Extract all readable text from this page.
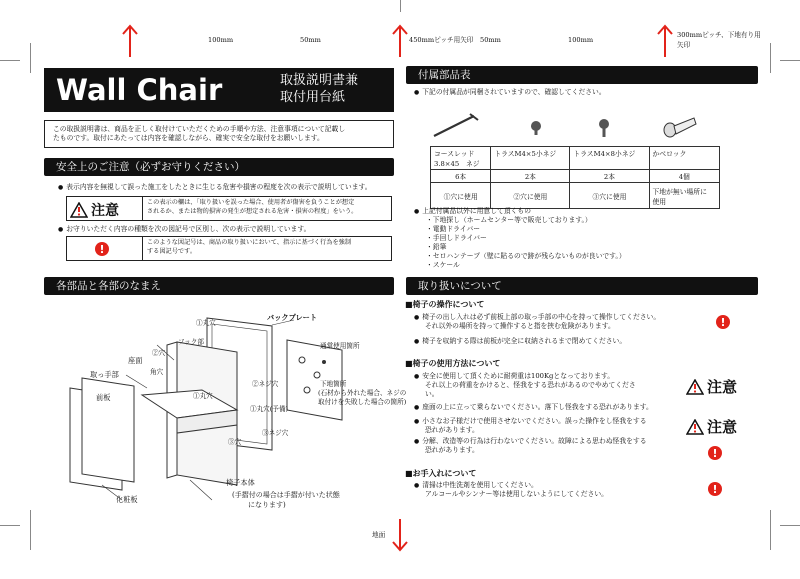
100mm	50mm	450mmピッチ用矢印 50mm	100mm
300mmピッチ、下地有り用
矢印
地面
Wall Chair	取扱説明書兼
取付用台紙
この取扱説明書は、商品を正しく取付けていただくための手順や方法、注意事項について記載し
たものです。取付にあたっては内容を確認しながら、確実で安全な取付をお願いします。
安全上のご注意（必ずお守りください）
● 表示内容を無視して誤った施工をしたときに生じる危害や損害の程度を次の表示で説明しています。
注意
この表示の欄は、「取り扱いを誤った場合、使用者が傷害を負うことが想定
されるか、または物的損害の発生が想定される危害・損害の程度」をいう。
● お守りいただく内容の種類を次の図記号で区別し、次の表示で説明しています。
!	このような図記号は、商品の取り扱いにおいて、指示に基づく行為を強制
する図記号です。
各部品と各部のなまえ
バックプレート
①丸穴
フック部
②穴
座面
取っ手部	角穴
前板	①丸穴
②ネジ穴
①丸穴(予備)
③穴
③ネジ穴
通常使用箇所
下地箇所
(石材から外れた場合、ネジの
取付けを失敗した場合の箇所)
化粧板
椅子本体
(手摺付の場合は手摺が付いた状態
になります)
付属部品表
● 下記の付属品が同梱されていますので、確認してください。
コースレッド
3.8×45　ネジ	トラスM4×5小ネジ	トラスM4×8小ネジ	かべロック
6本	2本	2本	4個
①穴に使用	②穴に使用	③穴に使用	下地が無い場所に
使用
● 上記付属品以外に用意して頂くもの
・下地探し（ホームセンター等で販売しております。）
・電動ドライバー
・手回しドライバー
・鉛筆
・セロハンテープ（壁に貼るので跡が残らないものが良いです。）
・スケール
取り扱いについて
■椅子の操作について
● 椅子の出し入れは必ず前板上部の取っ手部の中心を持って操作してください。
それ以外の場所を持って操作すると指を挟む危険があります。
● 椅子を収納する際は前板が完全に収納されるまで閉めてください。
!
■椅子の使用方法について
● 安全に使用して頂くために耐荷重は100Kgとなっております。
それ以上の荷重をかけると、怪我をする恐れがあるのでやめてくださ
い。
● 座面の上に立って乗らないでください。落下し怪我をする恐れがあります。
● 小さなお子様だけで使用させないでください。誤った操作をし怪我をする
恐れがあります。
● 分解、改造等の行為は行わないでください。故障による思わぬ怪我をする
恐れがあります。
注意
注意
!
■お手入れについて
● 清掃は中性洗剤を使用してください。
アルコールやシンナー等は使用しないようにしてください。	!
